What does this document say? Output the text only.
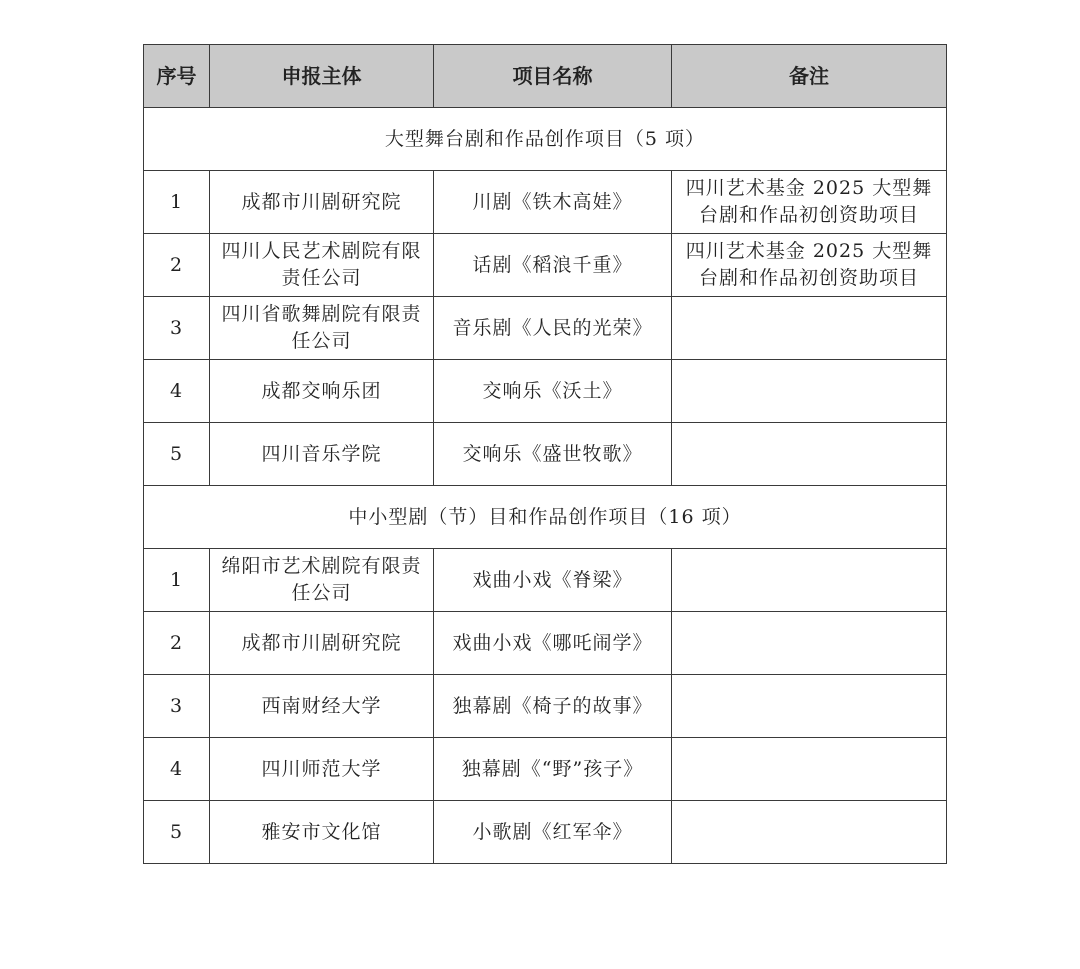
序号	申报主体	项目名称	备注
大型舞台剧和作品创作项目（5 项）			
1	成都市川剧研究院	川剧《铁木高娃》	四川艺术基金 2025 大型舞台剧和作品初创资助项目
2	四川人民艺术剧院有限责任公司	话剧《稻浪千重》	四川艺术基金 2025 大型舞台剧和作品初创资助项目
3	四川省歌舞剧院有限责任公司	音乐剧《人民的光荣》	
4	成都交响乐团	交响乐《沃土》	
5	四川音乐学院	交响乐《盛世牧歌》	
中小型剧（节）目和作品创作项目（16 项）			
1	绵阳市艺术剧院有限责任公司	戏曲小戏《脊梁》	
2	成都市川剧研究院	戏曲小戏《哪吒闹学》	
3	西南财经大学	独幕剧《椅子的故事》	
4	四川师范大学	独幕剧《“野”孩子》	
5	雅安市文化馆	小歌剧《红军伞》	
